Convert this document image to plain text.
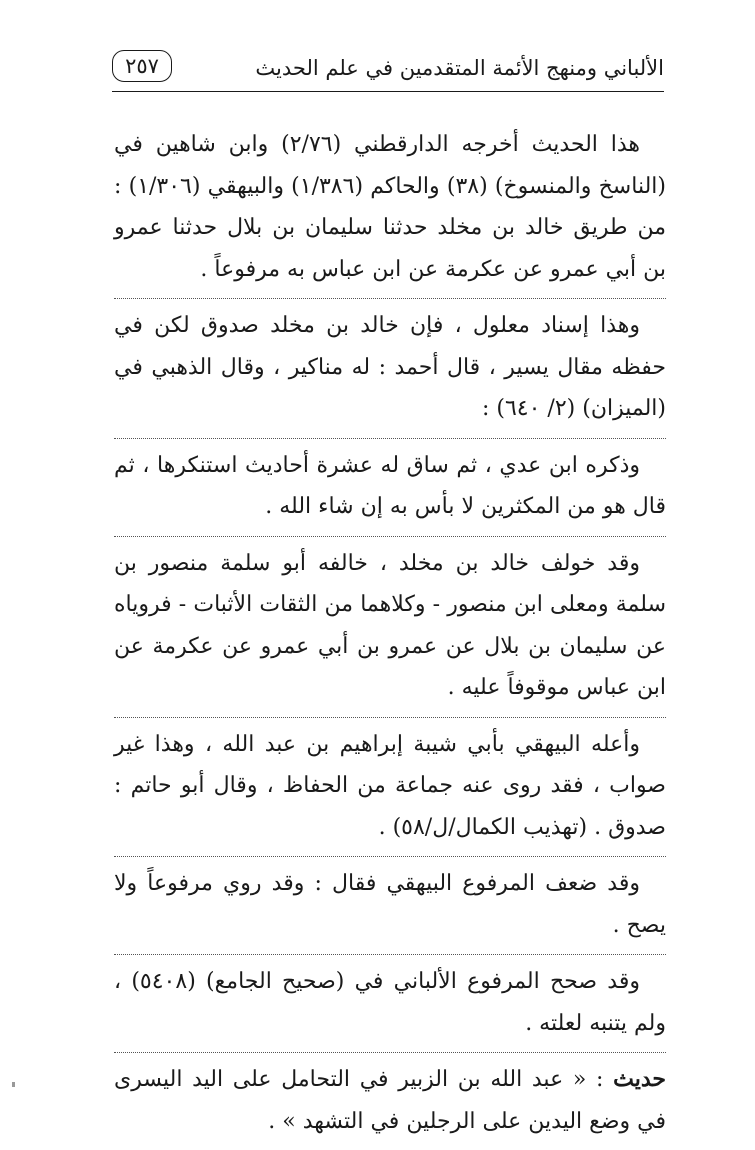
الألباني ومنهج الأئمة المتقدمين في علم الحديث
٢٥٧

هذا الحديث أخرجه الدارقطني (٢/٧٦) وابن شاهين في (الناسخ والمنسوخ) (٣٨) والحاكم (١/٣٨٦) والبيهقي (١/٣٠٦) : من طريق خالد بن مخلد حدثنا سليمان بن بلال حدثنا عمرو بن أبي عمرو عن عكرمة عن ابن عباس به مرفوعاً .

وهذا إسناد معلول ، فإن خالد بن مخلد صدوق لكن في حفظه مقال يسير ، قال أحمد : له مناكير ، وقال الذهبي في (الميزان) (٢/ ٦٤٠) :

وذكره ابن عدي ، ثم ساق له عشرة أحاديث استنكرها ، ثم قال هو من المكثرين لا بأس به إن شاء الله .

وقد خولف خالد بن مخلد ، خالفه أبو سلمة منصور بن سلمة ومعلى ابن منصور - وكلاهما من الثقات الأثبات - فروياه عن سليمان بن بلال عن عمرو بن أبي عمرو عن عكرمة عن ابن عباس موقوفاً عليه .

وأعله البيهقي بأبي شيبة إبراهيم بن عبد الله ، وهذا غير صواب ، فقد روى عنه جماعة من الحفاظ ، وقال أبو حاتم : صدوق . (تهذيب الكمال/ل/٥٨) .

وقد ضعف المرفوع البيهقي فقال : وقد روي مرفوعاً ولا يصح .

وقد صحح المرفوع الألباني في (صحيح الجامع) (٥٤٠٨) ، ولم يتنبه لعلته .

حديث : « عبد الله بن الزبير في التحامل على اليد اليسرى في وضع اليدين على الرجلين في التشهد » .
